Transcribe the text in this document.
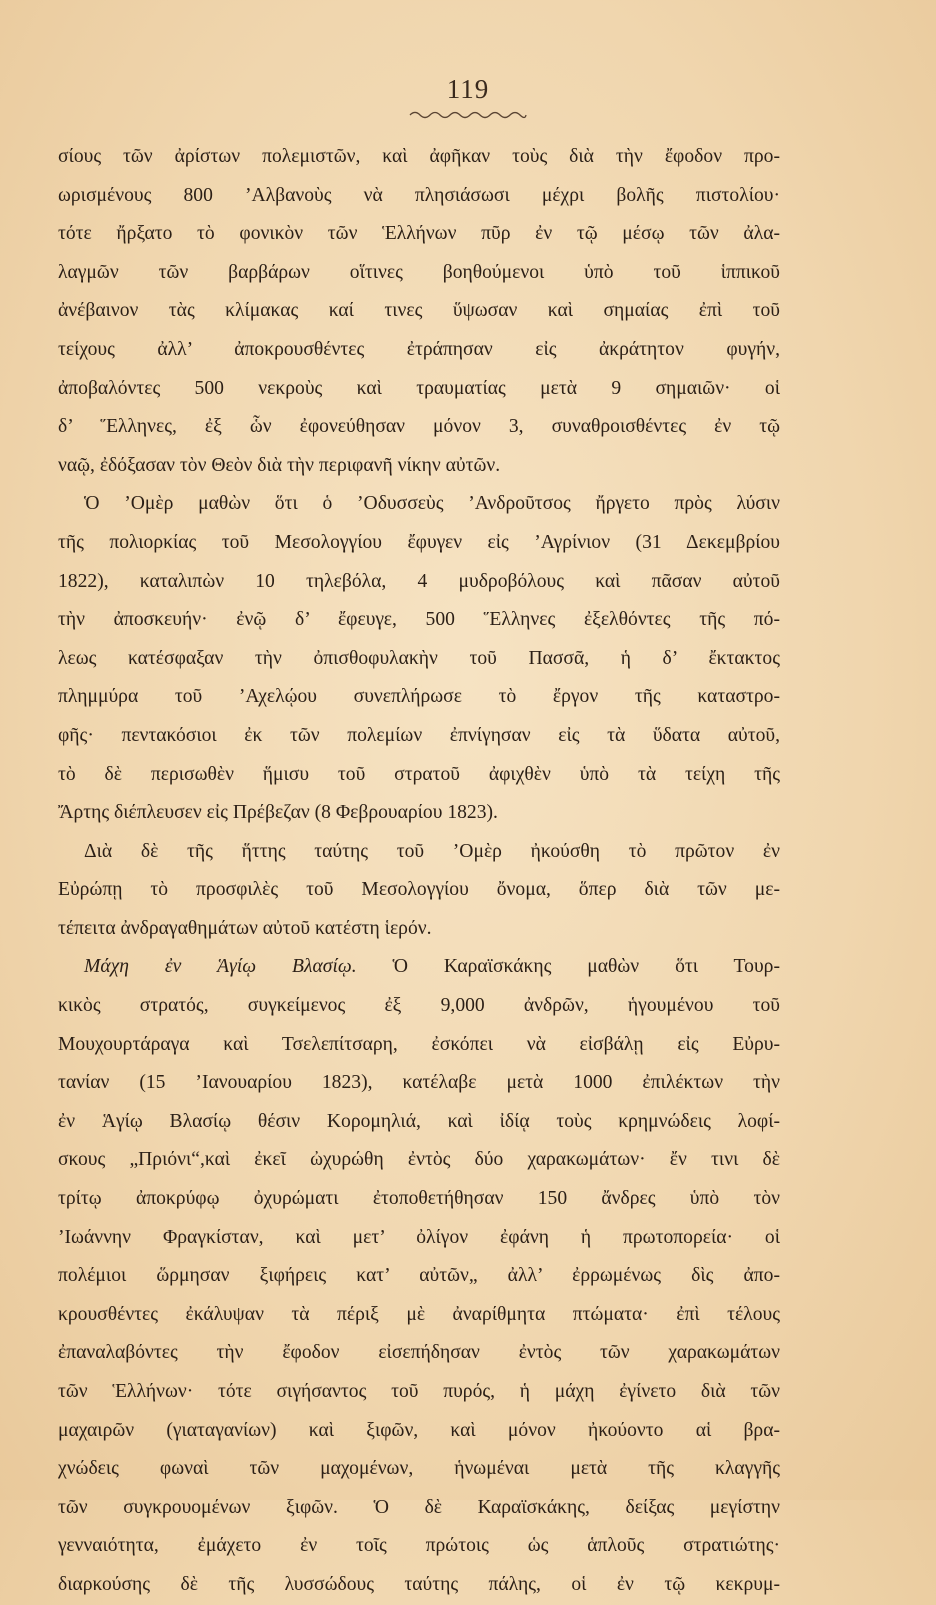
119
σίους τῶν ἀρίστων πολεμιστῶν, καὶ ἀφῆκαν τοὺς διὰ τὴν ἔφοδον προ-
ωρισμένους 800 ’Αλβανοὺς νὰ πλησιάσωσι μέχρι βολῆς πιστολίου·
τότε ἤρξατο τὸ φονικὸν τῶν Ἑλλήνων πῦρ ἐν τῷ μέσῳ τῶν ἀλα-
λαγμῶν τῶν βαρβάρων οἵτινες βοηθούμενοι ὑπὸ τοῦ ἱππικοῦ
ἀνέβαινον τὰς κλίμακας καί τινες ὕψωσαν καὶ σημαίας ἐπὶ τοῦ
τείχους ἀλλ’ ἀποκρουσθέντες ἐτράπησαν εἰς ἀκράτητον φυγήν,
ἀποβαλόντες 500 νεκροὺς καὶ τραυματίας μετὰ 9 σημαιῶν· οἱ
δ’ Ἕλληνες, ἐξ ὧν ἐφονεύθησαν μόνον 3, συναθροισθέντες ἐν τῷ
ναῷ, ἐδόξασαν τὸν Θεὸν διὰ τὴν περιφανῆ νίκην αὐτῶν.
Ὁ ’Ομὲρ μαθὼν ὅτι ὁ ’Οδυσσεὺς ’Ανδροῦτσος ἤργετο πρὸς λύσιν
τῆς πολιορκίας τοῦ Μεσολογγίου ἔφυγεν εἰς ’Αγρίνιον (31 Δεκεμβρίου
1822), καταλιπὼν 10 τηλεβόλα, 4 μυδροβόλους καὶ πᾶσαν αὐτοῦ
τὴν ἀποσκευήν· ἐνῷ δ’ ἔφευγε, 500 Ἕλληνες ἐξελθόντες τῆς πό-
λεως κατέσφαξαν τὴν ὀπισθοφυλακὴν τοῦ Πασσᾶ, ἡ δ’ ἔκτακτος
πλημμύρα τοῦ ’Αχελῴου συνεπλήρωσε τὸ ἔργον τῆς καταστρο-
φῆς· πεντακόσιοι ἐκ τῶν πολεμίων ἐπνίγησαν εἰς τὰ ὕδατα αὐτοῦ,
τὸ δὲ περισωθὲν ἥμισυ τοῦ στρατοῦ ἀφιχθὲν ὑπὸ τὰ τείχη τῆς
Ἄρτης διέπλευσεν εἰς Πρέβεζαν (8 Φεβρουαρίου 1823).
Διὰ δὲ τῆς ἥττης ταύτης τοῦ ’Ομὲρ ἠκούσθη τὸ πρῶτον ἐν
Εὐρώπῃ τὸ προσφιλὲς τοῦ Μεσολογγίου ὄνομα, ὅπερ διὰ τῶν με-
τέπειτα ἀνδραγαθημάτων αὐτοῦ κατέστη ἱερόν.
Μάχη ἐν Ἁγίῳ Βλασίῳ. Ὁ Καραϊσκάκης μαθὼν ὅτι Τουρ-
κικὸς στρατός, συγκείμενος ἐξ 9,000 ἀνδρῶν, ἡγουμένου τοῦ
Μουχουρτάραγα καὶ Τσελεπίτσαρη, ἐσκόπει νὰ εἰσβάλῃ εἰς Εὐρυ-
τανίαν (15 ’Ιανουαρίου 1823), κατέλαβε μετὰ 1000 ἐπιλέκτων τὴν
ἐν Ἁγίῳ Βλασίῳ θέσιν Κορομηλιά, καὶ ἰδίᾳ τοὺς κρημνώδεις λοφί-
σκους „Πριόνι“,καὶ ἐκεῖ ὠχυρώθη ἐντὸς δύο χαρακωμάτων· ἔν τινι δὲ
τρίτῳ ἀποκρύφῳ ὀχυρώματι ἐτοποθετήθησαν 150 ἄνδρες ὑπὸ τὸν
’Ιωάννην Φραγκίσταν, καὶ μετ’ ὀλίγον ἐφάνη ἡ πρωτοπορεία· οἱ
πολέμιοι ὥρμησαν ξιφήρεις κατ’ αὐτῶν„ ἀλλ’ ἐρρωμένως δὶς ἀπο-
κρουσθέντες ἐκάλυψαν τὰ πέριξ μὲ ἀναρίθμητα πτώματα· ἐπὶ τέλους
ἐπαναλαβόντες τὴν ἔφοδον εἰσεπήδησαν ἐντὸς τῶν χαρακωμάτων
τῶν Ἑλλήνων· τότε σιγήσαντος τοῦ πυρός, ἡ μάχη ἐγίνετο διὰ τῶν
μαχαιρῶν (γιαταγανίων) καὶ ξιφῶν, καὶ μόνον ἠκούοντο αἱ βρα-
χνώδεις φωναὶ τῶν μαχομένων, ἡνωμέναι μετὰ τῆς κλαγγῆς
τῶν συγκρουομένων ξιφῶν. Ὁ δὲ Καραϊσκάκης, δείξας μεγίστην
γενναιότητα, ἐμάχετο ἐν τοῖς πρώτοις ὡς ἁπλοῦς στρατιώτης·
διαρκούσης δὲ τῆς λυσσώδους ταύτης πάλης, οἱ ἐν τῷ κεκρυμ-
